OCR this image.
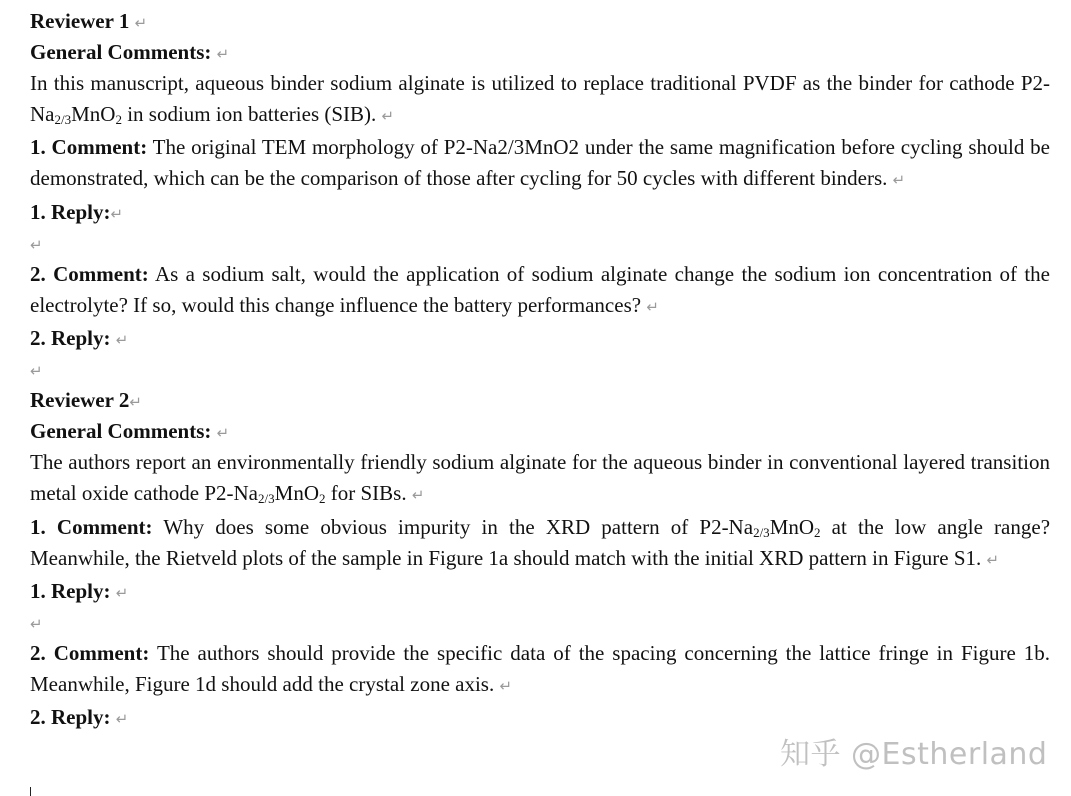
Reviewer 1 ↵
General Comments: ↵
In this manuscript, aqueous binder sodium alginate is utilized to replace traditional PVDF as the binder for cathode $P2-Na_{2/3}MnO_2$ in sodium ion batteries (SIB). ↵
1. Comment: The original TEM morphology of P2-Na2/3MnO2 under the same magnification before cycling should be demonstrated, which can be the comparison of those after cycling for 50 cycles with different binders. ↵
1. Reply:↵
↵
2. Comment: As a sodium salt, would the application of sodium alginate change the sodium ion concentration of the electrolyte? If so, would this change influence the battery performances? ↵
2. Reply: ↵
↵
Reviewer 2↵
General Comments: ↵
The authors report an environmentally friendly sodium alginate for the aqueous binder in conventional layered transition metal oxide cathode $P2-Na_{2/3}MnO_2$ for SIBs. ↵
1. Comment: Why does some obvious impurity in the XRD pattern of $P2-Na_{2/3}MnO_2$ at the low angle range? Meanwhile, the Rietveld plots of the sample in Figure 1a should match with the initial XRD pattern in Figure S1. ↵
1. Reply: ↵
↵
2. Comment: The authors should provide the specific data of the spacing concerning the lattice fringe in Figure 1b. Meanwhile, Figure 1d should add the crystal zone axis. ↵
2. Reply: ↵
知乎 @Estherland
